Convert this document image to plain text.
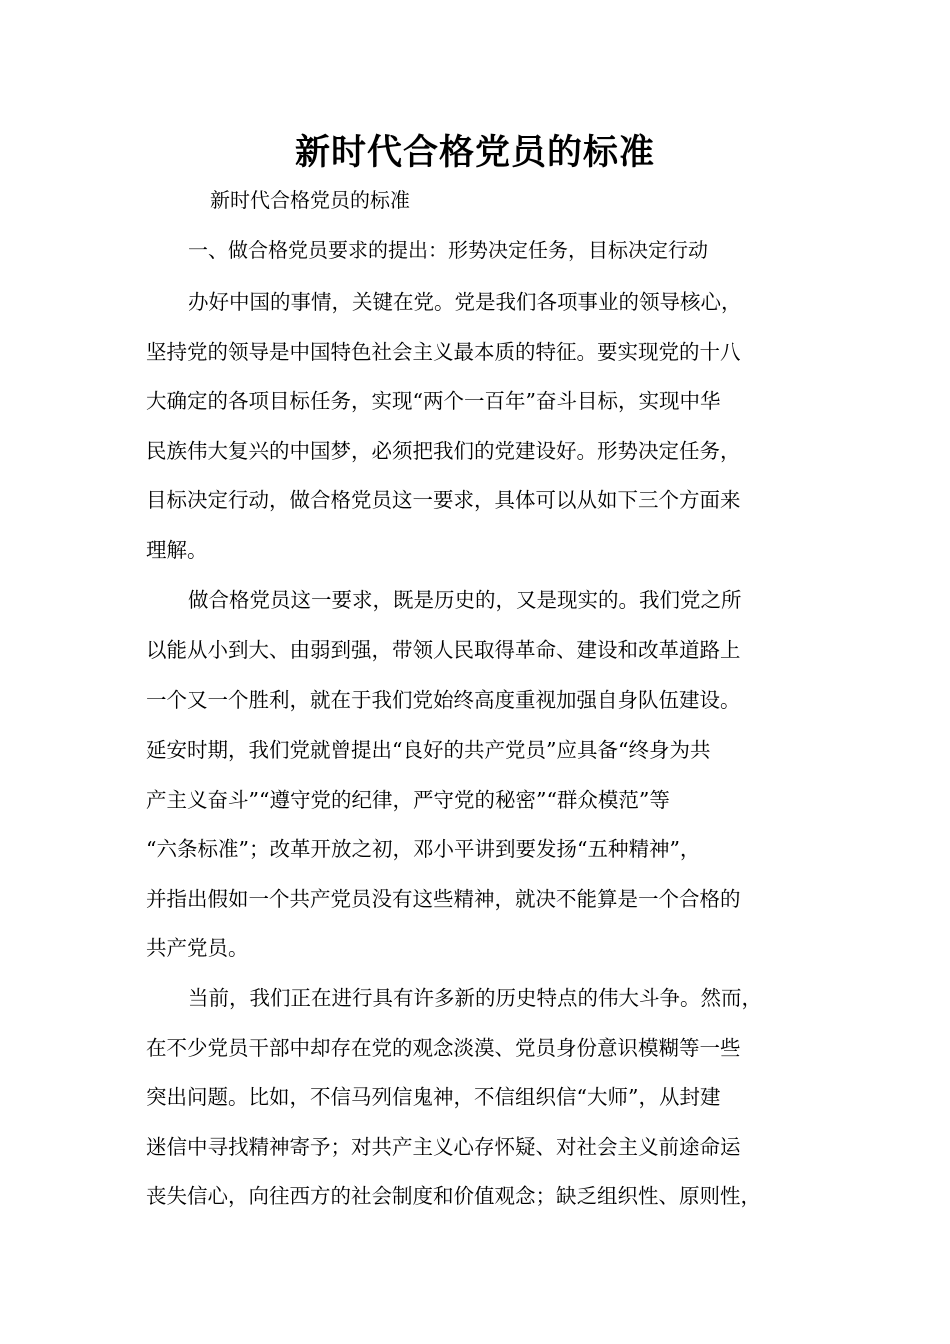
新时代合格党员的标准

新时代合格党员的标准

一、做合格党员要求的提出：形势决定任务，目标决定行动

办好中国的事情，关键在党。党是我们各项事业的领导核心，

坚持党的领导是中国特色社会主义最本质的特征。要实现党的十八

大确定的各项目标任务，实现“两个一百年”奋斗目标，实现中华

民族伟大复兴的中国梦，必须把我们的党建设好。形势决定任务，

目标决定行动，做合格党员这一要求，具体可以从如下三个方面来

理解。

做合格党员这一要求，既是历史的，又是现实的。我们党之所

以能从小到大、由弱到强，带领人民取得革命、建设和改革道路上

一个又一个胜利，就在于我们党始终高度重视加强自身队伍建设。

延安时期，我们党就曾提出“良好的共产党员”应具备“终身为共

产主义奋斗”“遵守党的纪律，严守党的秘密”“群众模范”等

“六条标准”；改革开放之初，邓小平讲到要发扬“五种精神”，

并指出假如一个共产党员没有这些精神，就决不能算是一个合格的

共产党员。

当前，我们正在进行具有许多新的历史特点的伟大斗争。然而，

在不少党员干部中却存在党的观念淡漠、党员身份意识模糊等一些

突出问题。比如，不信马列信鬼神，不信组织信“大师”，从封建

迷信中寻找精神寄予；对共产主义心存怀疑、对社会主义前途命运

丧失信心，向往西方的社会制度和价值观念；缺乏组织性、原则性，
